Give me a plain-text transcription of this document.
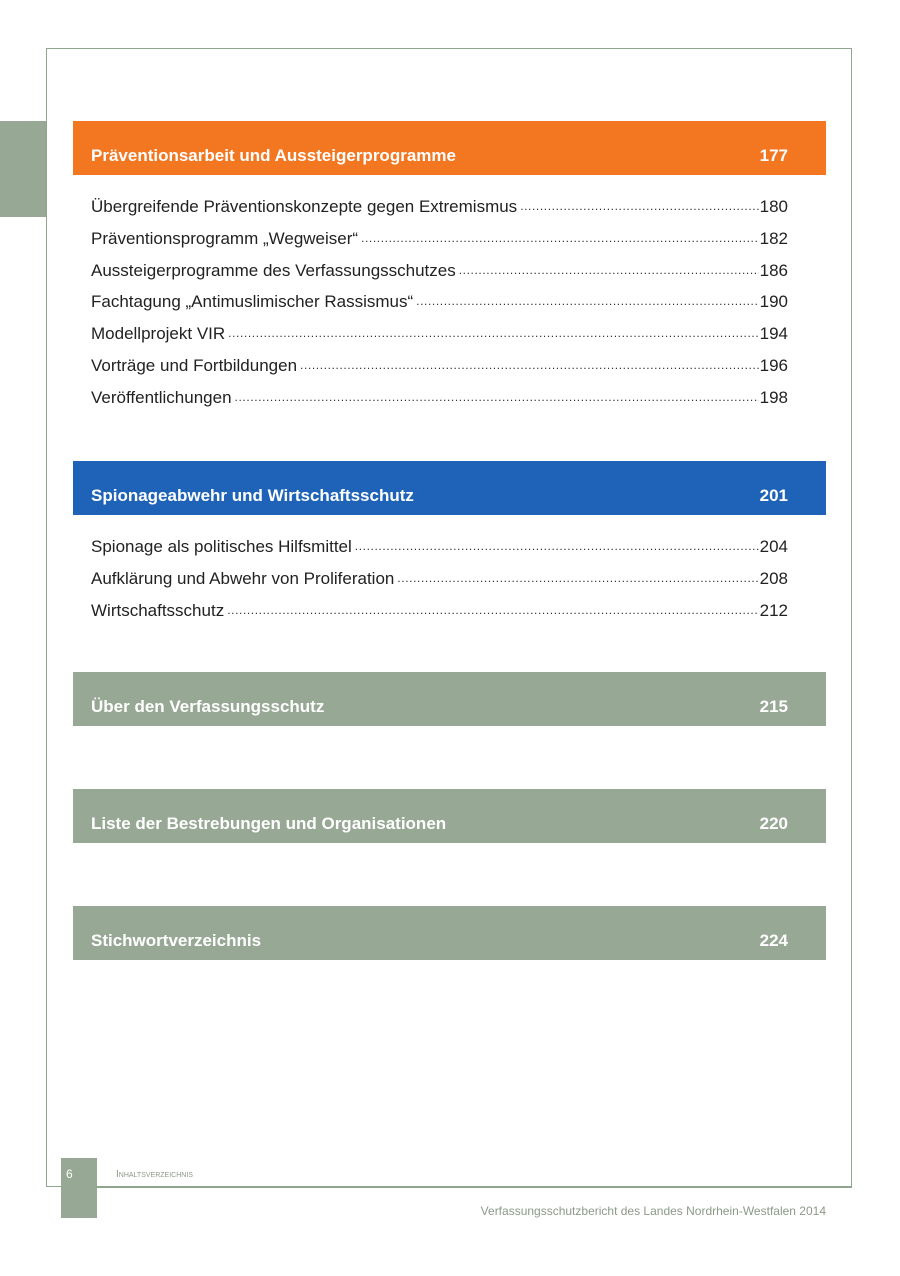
Präventionsarbeit und Aussteigerprogramme	177
Übergreifende Präventionskonzepte gegen Extremismus .....	180
Präventionsprogramm „Wegweiser“ .....	182
Aussteigerprogramme des Verfassungsschutzes .....	186
Fachtagung „Antimuslimischer Rassismus“ .....	190
Modellprojekt VIR .....	194
Vorträge und Fortbildungen .....	196
Veröffentlichungen .....	198
Spionageabwehr und Wirtschaftsschutz	201
Spionage als politisches Hilfsmittel .....	204
Aufklärung und Abwehr von Proliferation .....	208
Wirtschaftsschutz .....	212
Über den Verfassungsschutz	215
Liste der Bestrebungen und Organisationen	220
Stichwortverzeichnis	224
6	Inhaltsverzeichnis
Verfassungsschutzbericht des Landes Nordrhein-Westfalen 2014
